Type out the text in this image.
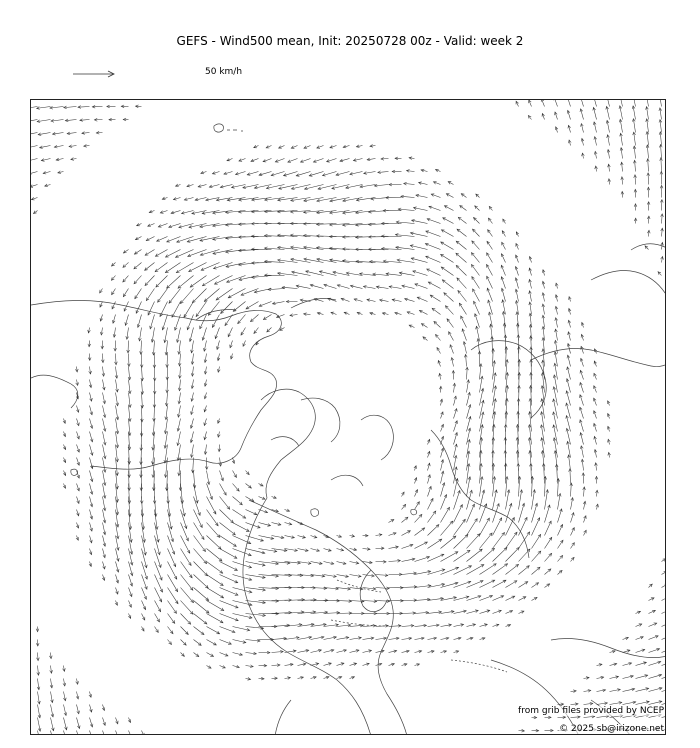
GEFS - Wind500 mean, Init: 20250728 00z - Valid: week 2
50 km/h
from grib files provided by NCEP
© 2025 sb@irizone.net
